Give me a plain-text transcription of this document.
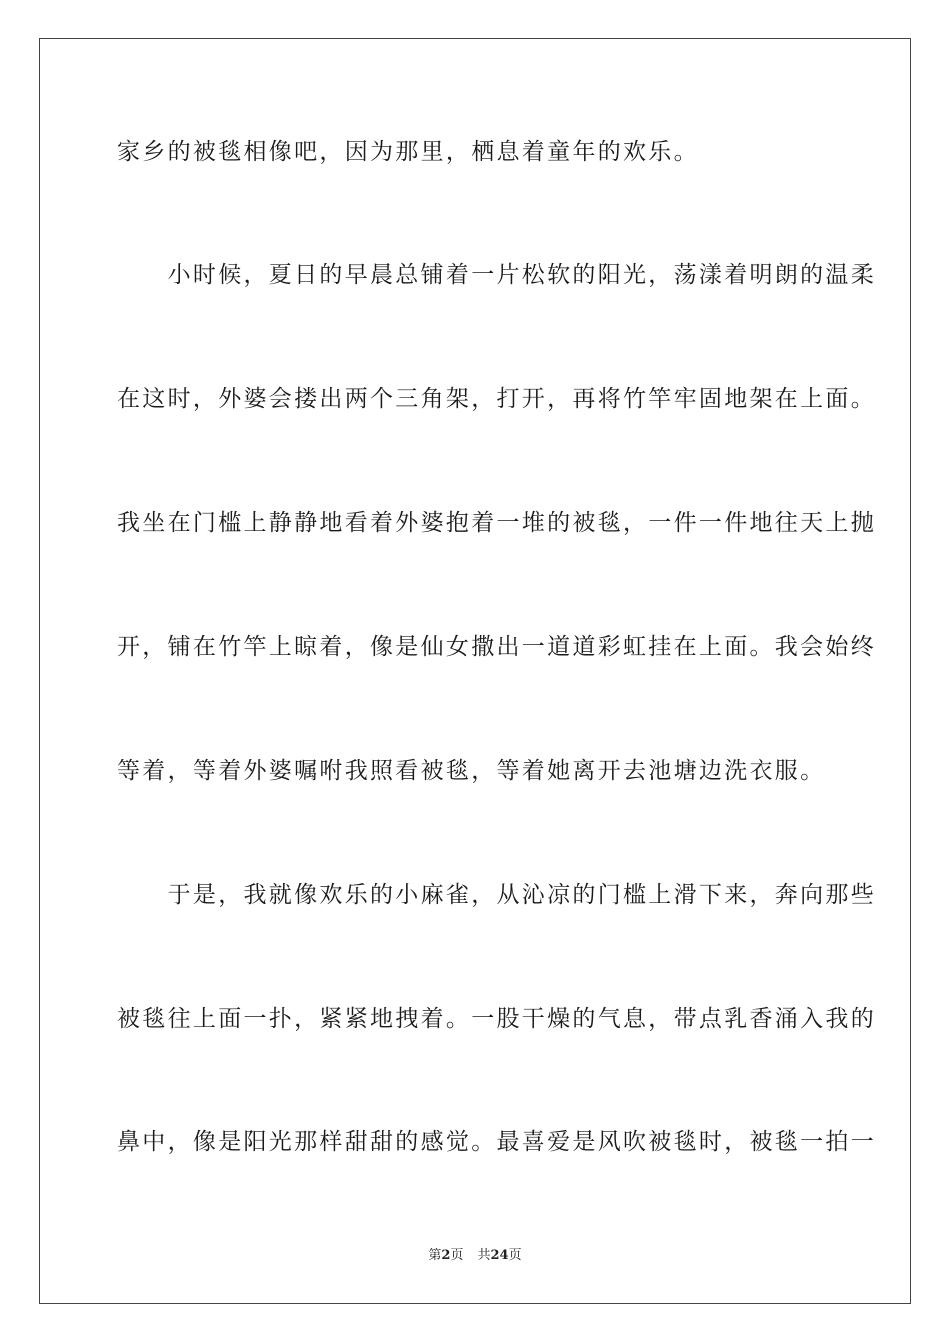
家乡的被毯相像吧，因为那里，栖息着童年的欢乐。
　　小时候，夏日的早晨总铺着一片松软的阳光，荡漾着明朗的温柔
在这时，外婆会搂出两个三角架，打开，再将竹竿牢固地架在上面。
我坐在门槛上静静地看着外婆抱着一堆的被毯，一件一件地往天上抛
开，铺在竹竿上晾着，像是仙女撒出一道道彩虹挂在上面。我会始终
等着，等着外婆嘱咐我照看被毯，等着她离开去池塘边洗衣服。
　　于是，我就像欢乐的小麻雀，从沁凉的门槛上滑下来，奔向那些
被毯往上面一扑，紧紧地拽着。一股干燥的气息，带点乳香涌入我的
鼻中，像是阳光那样甜甜的感觉。最喜爱是风吹被毯时，被毯一拍一
第2页 共24页
